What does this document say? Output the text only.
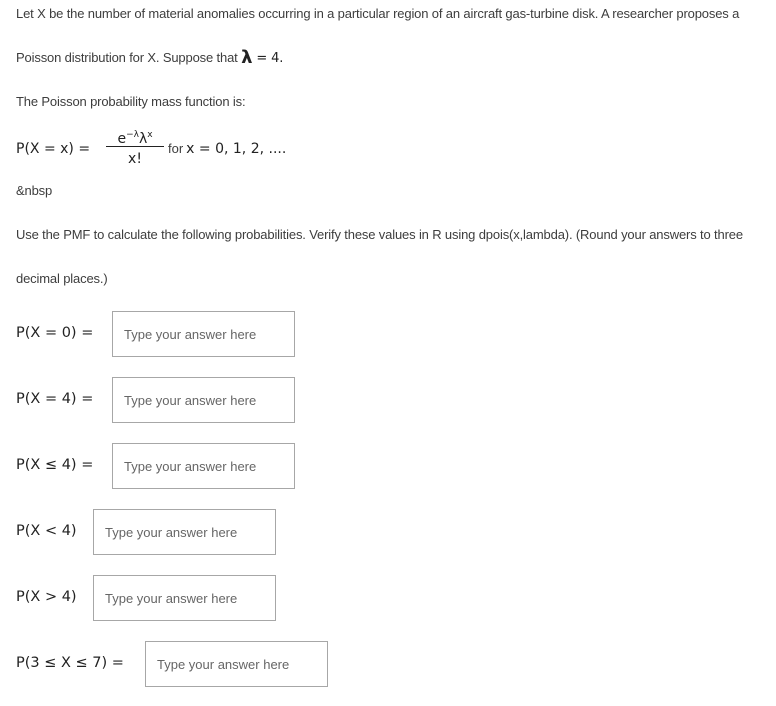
Let X be the number of material anomalies occurring in a particular region of an aircraft gas-turbine disk. A researcher proposes a
Poisson distribution for X. Suppose that λ = 4.
The Poisson probability mass function is:
P(X = x) =
$e^{-\lambda}\lambda^x$
x!
for x = 0, 1, 2, ....
&nbsp
Use the PMF to calculate the following probabilities. Verify these values in R using dpois(x,lambda). (Round your answers to three
decimal places.)
P(X = 0) =
Type your answer here
P(X = 4) =
Type your answer here
P(X ≤ 4) =
Type your answer here
P(X < 4)
Type your answer here
P(X > 4)
Type your answer here
P(3 ≤ X ≤ 7) =
Type your answer here
